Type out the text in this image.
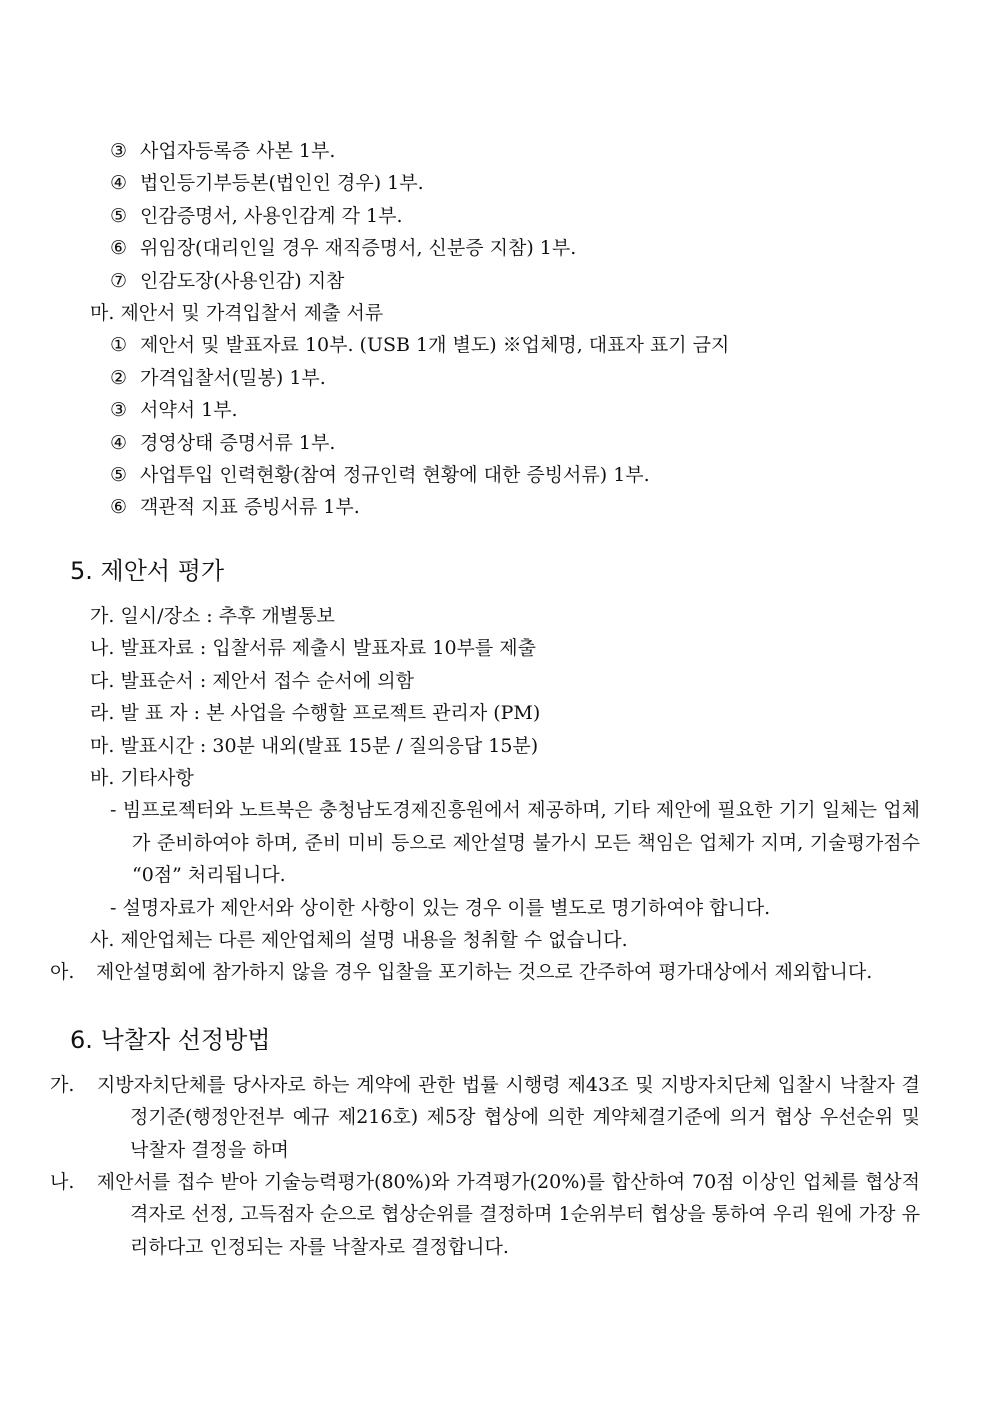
③ 사업자등록증 사본 1부.
④ 법인등기부등본(법인인 경우) 1부.
⑤ 인감증명서, 사용인감계 각 1부.
⑥ 위임장(대리인일 경우 재직증명서, 신분증 지참) 1부.
⑦ 인감도장(사용인감) 지참
마. 제안서 및 가격입찰서 제출 서류
① 제안서 및 발표자료 10부. (USB 1개 별도) ※업체명, 대표자 표기 금지
② 가격입찰서(밀봉) 1부.
③ 서약서 1부.
④ 경영상태 증명서류 1부.
⑤ 사업투입 인력현황(참여 정규인력 현황에 대한 증빙서류) 1부.
⑥ 객관적 지표 증빙서류 1부.
5. 제안서 평가
가. 일시/장소 : 추후 개별통보
나. 발표자료 : 입찰서류 제출시 발표자료 10부를 제출
다. 발표순서 : 제안서 접수 순서에 의함
라. 발 표 자 : 본 사업을 수행할 프로젝트 관리자 (PM)
마. 발표시간 : 30분 내외(발표 15분 / 질의응답 15분)
바. 기타사항
- 빔프로젝터와 노트북은 충청남도경제진흥원에서 제공하며, 기타 제안에 필요한 기기 일체는 업체가 준비하여야 하며, 준비 미비 등으로 제안설명 불가시 모든 책임은 업체가 지며, 기술평가점수 “0점” 처리됩니다.
- 설명자료가 제안서와 상이한 사항이 있는 경우 이를 별도로 명기하여야 합니다.
사. 제안업체는 다른 제안업체의 설명 내용을 청취할 수 없습니다.
아. 제안설명회에 참가하지 않을 경우 입찰을 포기하는 것으로 간주하여 평가대상에서 제외합니다.
6. 낙찰자 선정방법
가. 지방자치단체를 당사자로 하는 계약에 관한 법률 시행령 제43조 및 지방자치단체 입찰시 낙찰자 결정기준(행정안전부 예규 제216호) 제5장 협상에 의한 계약체결기준에 의거 협상 우선순위 및 낙찰자 결정을 하며
나. 제안서를 접수 받아 기술능력평가(80%)와 가격평가(20%)를 합산하여 70점 이상인 업체를 협상적격자로 선정, 고득점자 순으로 협상순위를 결정하며 1순위부터 협상을 통하여 우리 원에 가장 유리하다고 인정되는 자를 낙찰자로 결정합니다.
